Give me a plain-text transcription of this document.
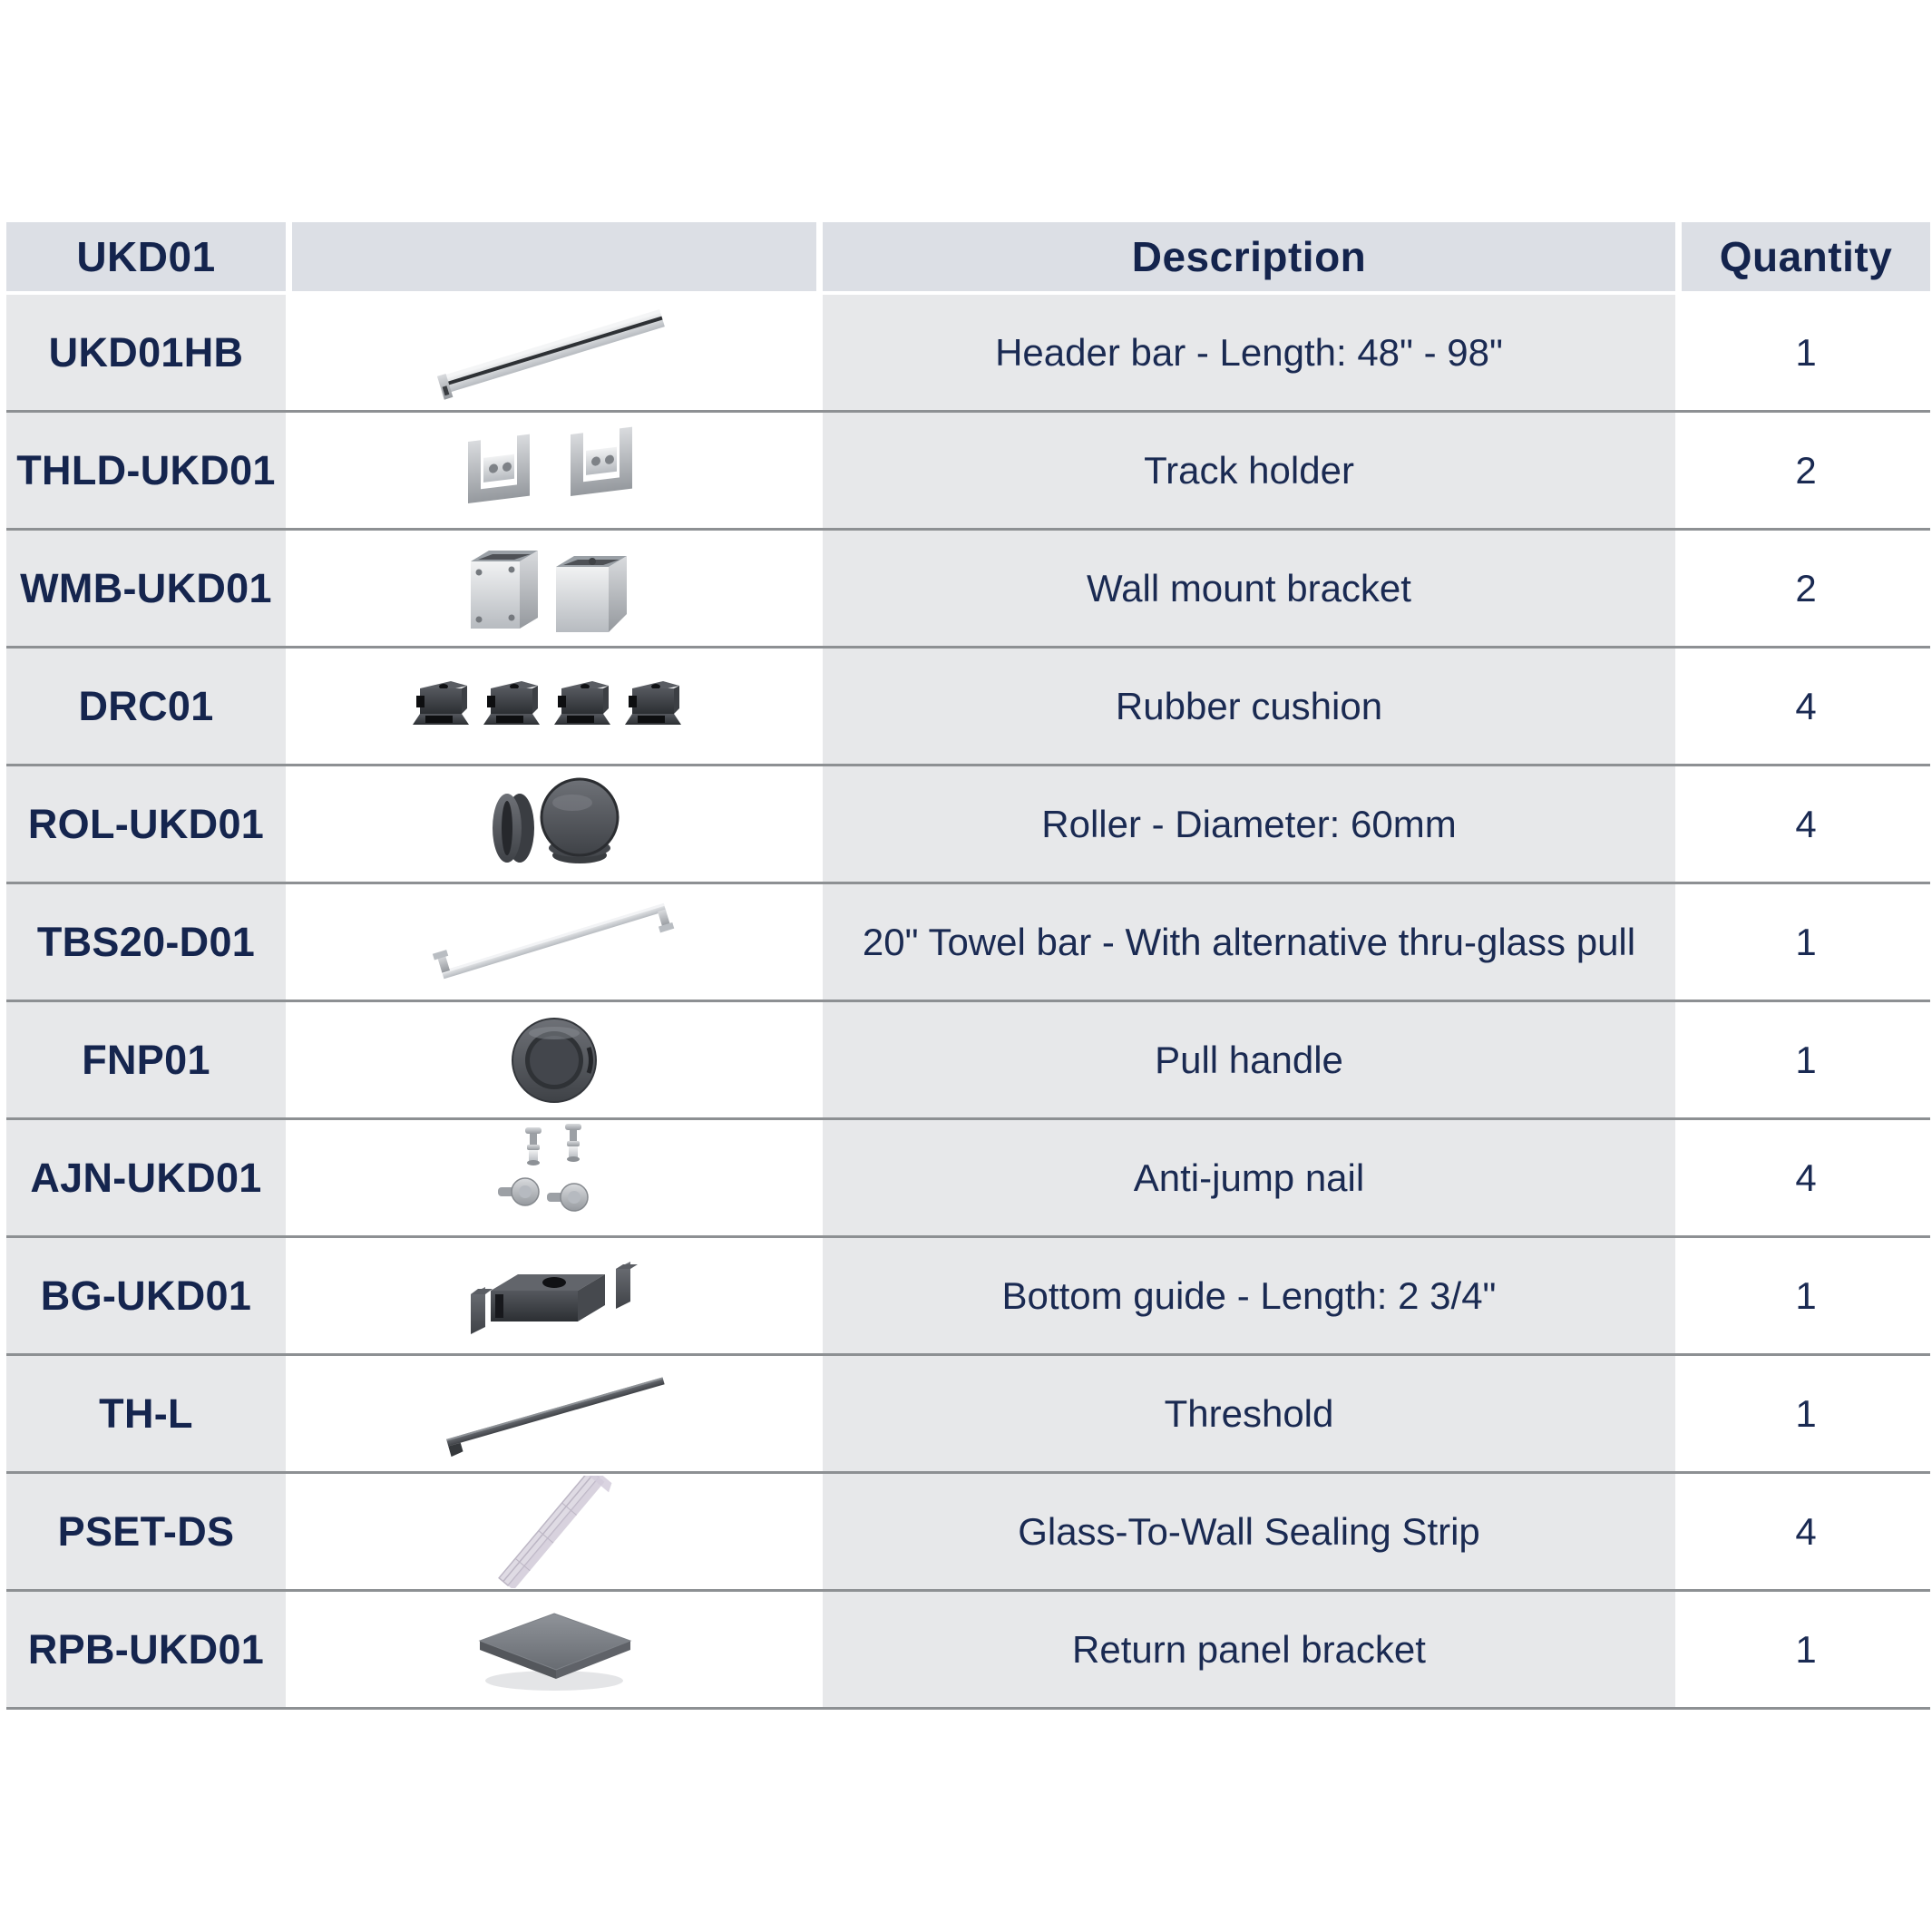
UKD01	Description	Quantity
UKD01HB	Header bar - Length: 48" - 98"	1
THLD-UKD01	Track holder	2
WMB-UKD01	Wall mount bracket	2
DRC01	Rubber cushion	4
ROL-UKD01	Roller - Diameter: 60mm	4
TBS20-D01	20" Towel bar - With alternative thru-glass pull	1
FNP01	Pull handle	1
AJN-UKD01	Anti-jump nail	4
BG-UKD01	Bottom guide - Length: 2 3/4"	1
TH-L	Threshold	1
PSET-DS	Glass-To-Wall Sealing Strip	4
RPB-UKD01	Return panel bracket	1
